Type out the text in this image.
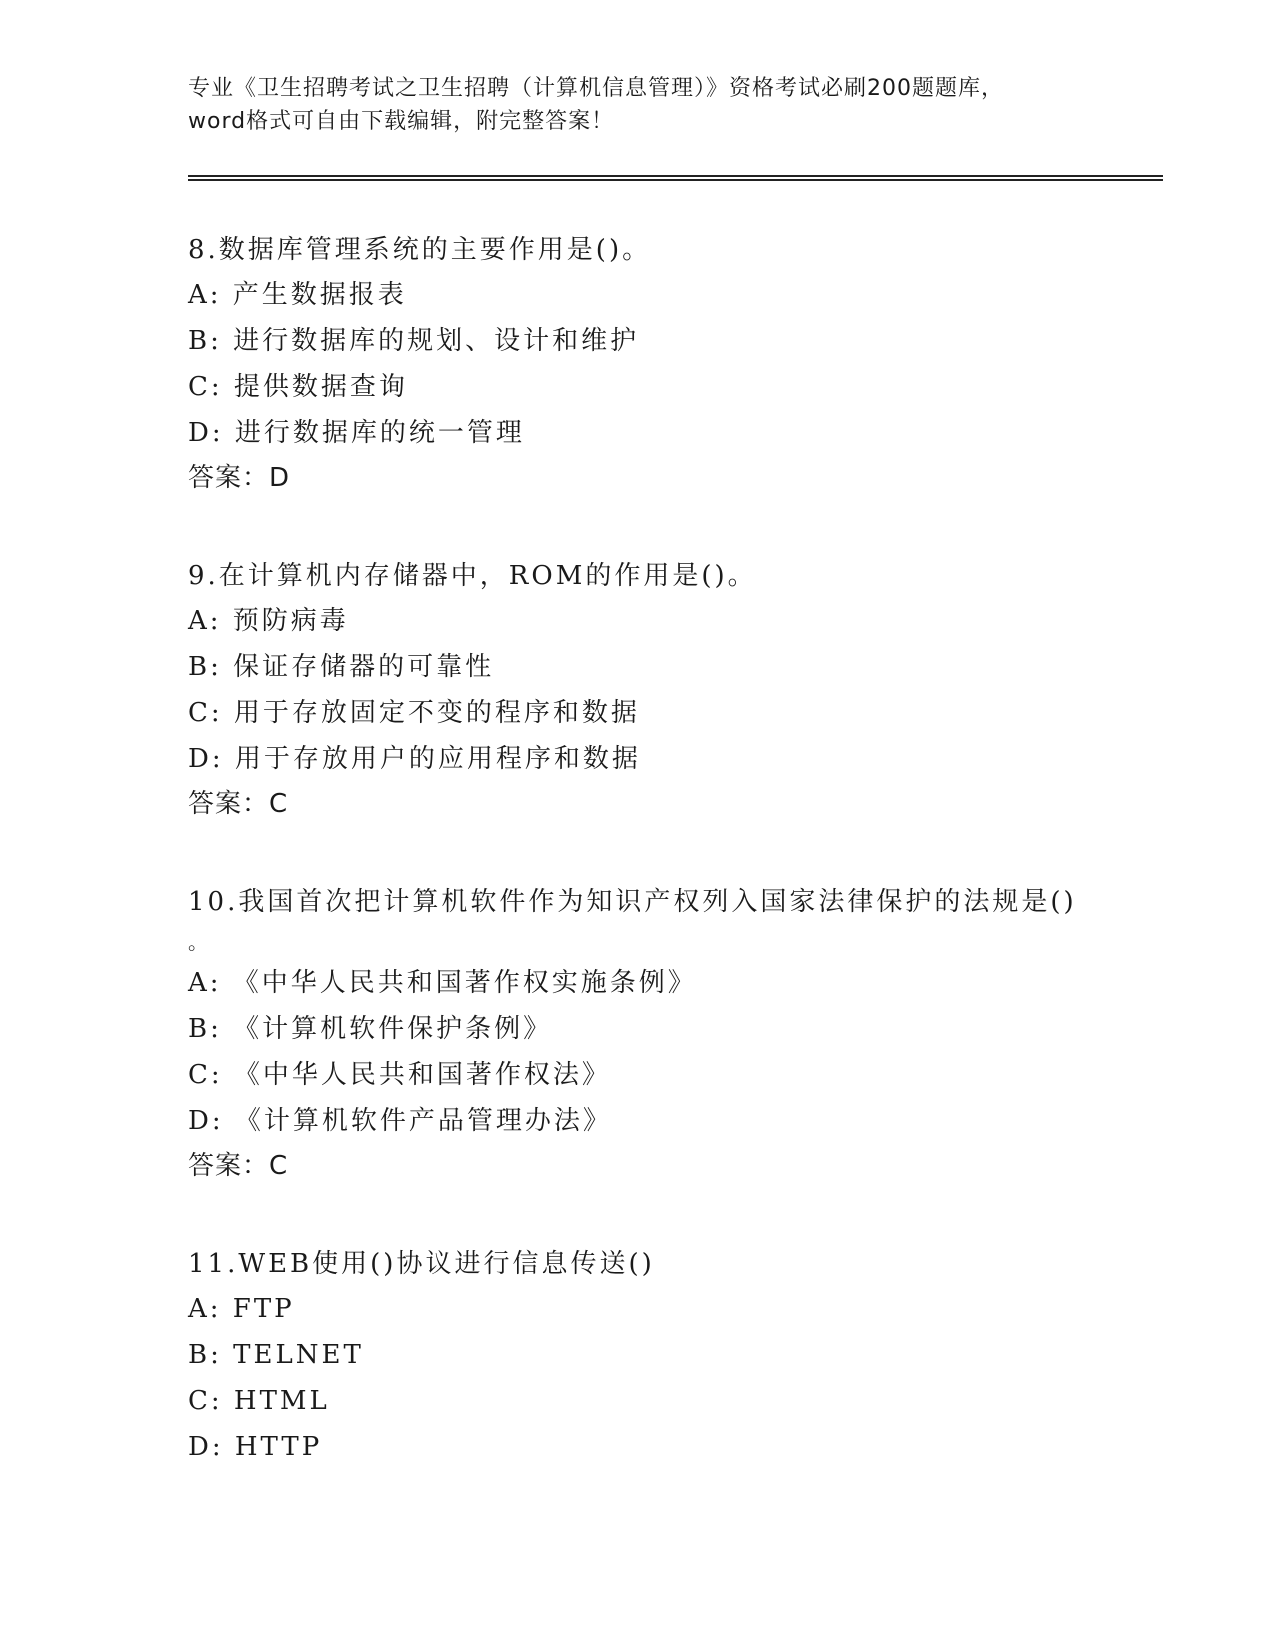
专业《卫生招聘考试之卫生招聘（计算机信息管理）》资格考试必刷200题题库，

word格式可自由下载编辑，附完整答案！

8.数据库管理系统的主要作用是()。

A: 产生数据报表

B: 进行数据库的规划、设计和维护

C: 提供数据查询

D: 进行数据库的统一管理

答案：D

9.在计算机内存储器中，ROM的作用是()。

A: 预防病毒

B: 保证存储器的可靠性

C: 用于存放固定不变的程序和数据

D: 用于存放用户的应用程序和数据

答案：C

10.我国首次把计算机软件作为知识产权列入国家法律保护的法规是()

。

A: 《中华人民共和国著作权实施条例》

B: 《计算机软件保护条例》

C: 《中华人民共和国著作权法》

D: 《计算机软件产品管理办法》

答案：C

11.WEB使用()协议进行信息传送()

A: FTP

B: TELNET

C: HTML

D: HTTP
